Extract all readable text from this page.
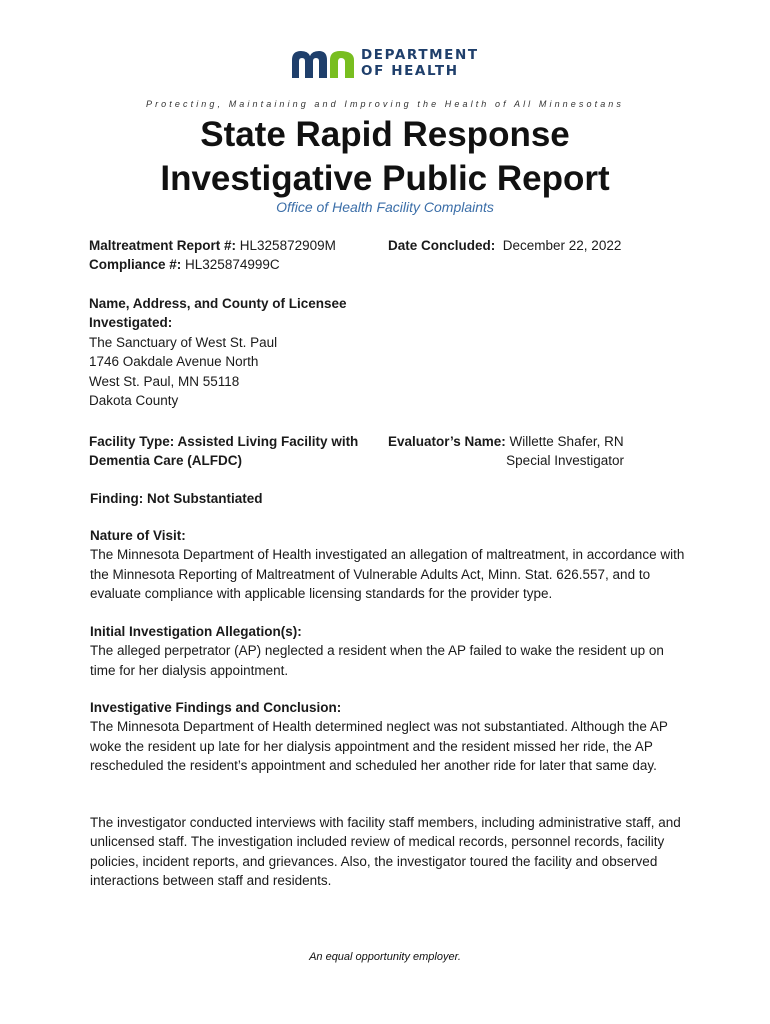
DEPARTMENT
OF HEALTH
Protecting, Maintaining and Improving the Health of All Minnesotans
State Rapid Response
Investigative Public Report
Office of Health Facility Complaints
Maltreatment Report #: HL325872909M
Compliance #: HL325874999C
Date Concluded:  December 22, 2022
Name, Address, and County of Licensee
Investigated:
The Sanctuary of West St. Paul
1746 Oakdale Avenue North
West St. Paul, MN 55118
Dakota County
Facility Type: Assisted Living Facility with
Dementia Care (ALFDC)
Evaluator’s Name: Willette Shafer, RN
Special Investigator
Finding: Not Substantiated
Nature of Visit:
The Minnesota Department of Health investigated an allegation of maltreatment, in accordance with the Minnesota Reporting of Maltreatment of Vulnerable Adults Act, Minn. Stat. 626.557, and to evaluate compliance with applicable licensing standards for the provider type.
Initial Investigation Allegation(s):
The alleged perpetrator (AP) neglected a resident when the AP failed to wake the resident up on time for her dialysis appointment.
Investigative Findings and Conclusion:
The Minnesota Department of Health determined neglect was not substantiated. Although the AP woke the resident up late for her dialysis appointment and the resident missed her ride, the AP rescheduled the resident’s appointment and scheduled her another ride for later that same day.
The investigator conducted interviews with facility staff members, including administrative staff, and unlicensed staff. The investigation included review of medical records, personnel records, facility policies, incident reports, and grievances. Also, the investigator toured the facility and observed interactions between staff and residents.
An equal opportunity employer.
